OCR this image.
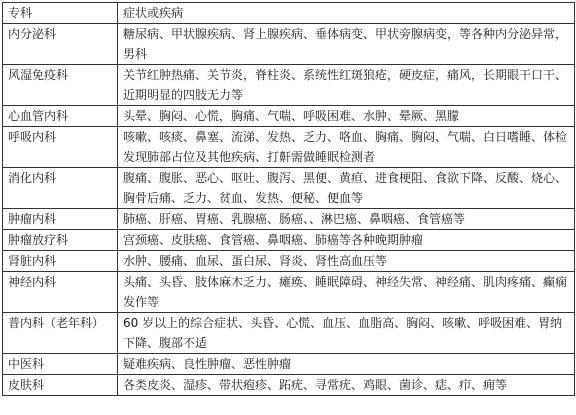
专科	症状或疾病
内分泌科	糖尿病、甲状腺疾病、肾上腺疾病、垂体病变、甲状旁腺病变，等各种内分泌异常，男科
风湿免疫科	关节红肿热痛、关节炎，脊柱炎、系统性红斑狼疮，硬皮症，痛风，长期眼干口干、近期明显的四肢无力等
心血管内科	头晕、胸闷、心慌，胸痛、气喘、呼吸困难、水肿、晕厥、黑朦
呼吸内科	咳嗽、咳痰、鼻塞、流涕、发热、乏力、咯血、胸痛、胸闷、气喘、白日嗜睡、体检发现肺部占位及其他疾病、打鼾需做睡眠检测者
消化内科	腹痛、腹胀、恶心、呕吐、腹泻、黑便、黄疸、进食梗阻、食欲下降、反酸、烧心、胸骨后痛、乏力、贫血、发热、便秘、便血等
肿瘤内科	肺癌、肝癌、胃癌、乳腺癌、肠癌、、淋巴癌、鼻咽癌、食管癌等
肿瘤放疗科	宫颈癌、皮肤癌、食管癌、鼻咽癌、肺癌等各种晚期肿瘤
肾脏内科	水肿、腰痛、血尿、蛋白尿、肾炎、肾性高血压等
神经内科	头痛、头昏、肢体麻木乏力、瘫痪、睡眠障碍、神经失常、神经痛、肌肉疼痛、癫痫发作等
普内科（老年科）	60 岁以上的综合症状、头昏、心慌、血压、血脂高、胸闷、咳嗽、呼吸困难、胃纳下降、腹部不适
中医科	疑难疾病、良性肿瘤、恶性肿瘤
皮肤科	各类皮炎、湿疹、带状疱疹、跖疣、寻常疣、鸡眼、菌诊、痣、疖、痈等
